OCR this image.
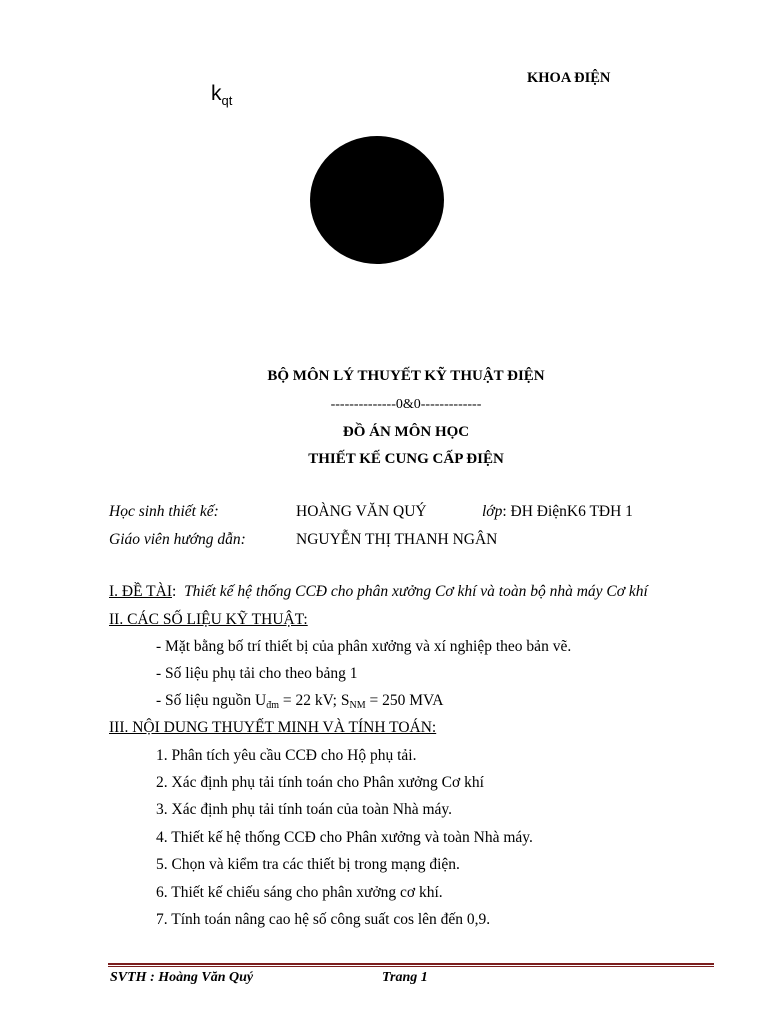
KHOA ĐIỆN
$k_{qt}$
BỘ MÔN LÝ THUYẾT KỸ THUẬT ĐIỆN
--------------0&0-------------
ĐỒ ÁN MÔN HỌC
THIẾT KẾ CUNG CẤP ĐIỆN
Học sinh thiết kế:	HOÀNG VĂN QUÝ	lớp: ĐH ĐiệnK6 TĐH 1
Giáo viên hướng dẫn:	NGUYỄN THỊ THANH NGÂN
I. ĐỀ TÀI: Thiết kế hệ thống CCĐ cho phân xưởng Cơ khí và toàn bộ nhà máy Cơ khí
II. CÁC SỐ LIỆU KỸ THUẬT:
- Mặt bằng bố trí thiết bị của phân xưởng và xí nghiệp theo bản vẽ.
- Số liệu phụ tải cho theo bảng 1
- Số liệu nguồn $U_{đm} = 22$ kV; $S_{NM} = 250$ MVA
III. NỘI DUNG THUYẾT MINH VÀ TÍNH TOÁN:
1. Phân tích yêu cầu CCĐ cho Hộ phụ tải.
2. Xác định phụ tải tính toán cho Phân xưởng Cơ khí
3. Xác định phụ tải tính toán của toàn Nhà máy.
4. Thiết kế hệ thống CCĐ cho Phân xưởng và toàn Nhà máy.
5. Chọn và kiểm tra các thiết bị trong mạng điện.
6. Thiết kế chiếu sáng cho phân xưởng cơ khí.
7. Tính toán nâng cao hệ số công suất cos lên đến 0,9.
SVTH : Hoàng Văn Quý	Trang 1
